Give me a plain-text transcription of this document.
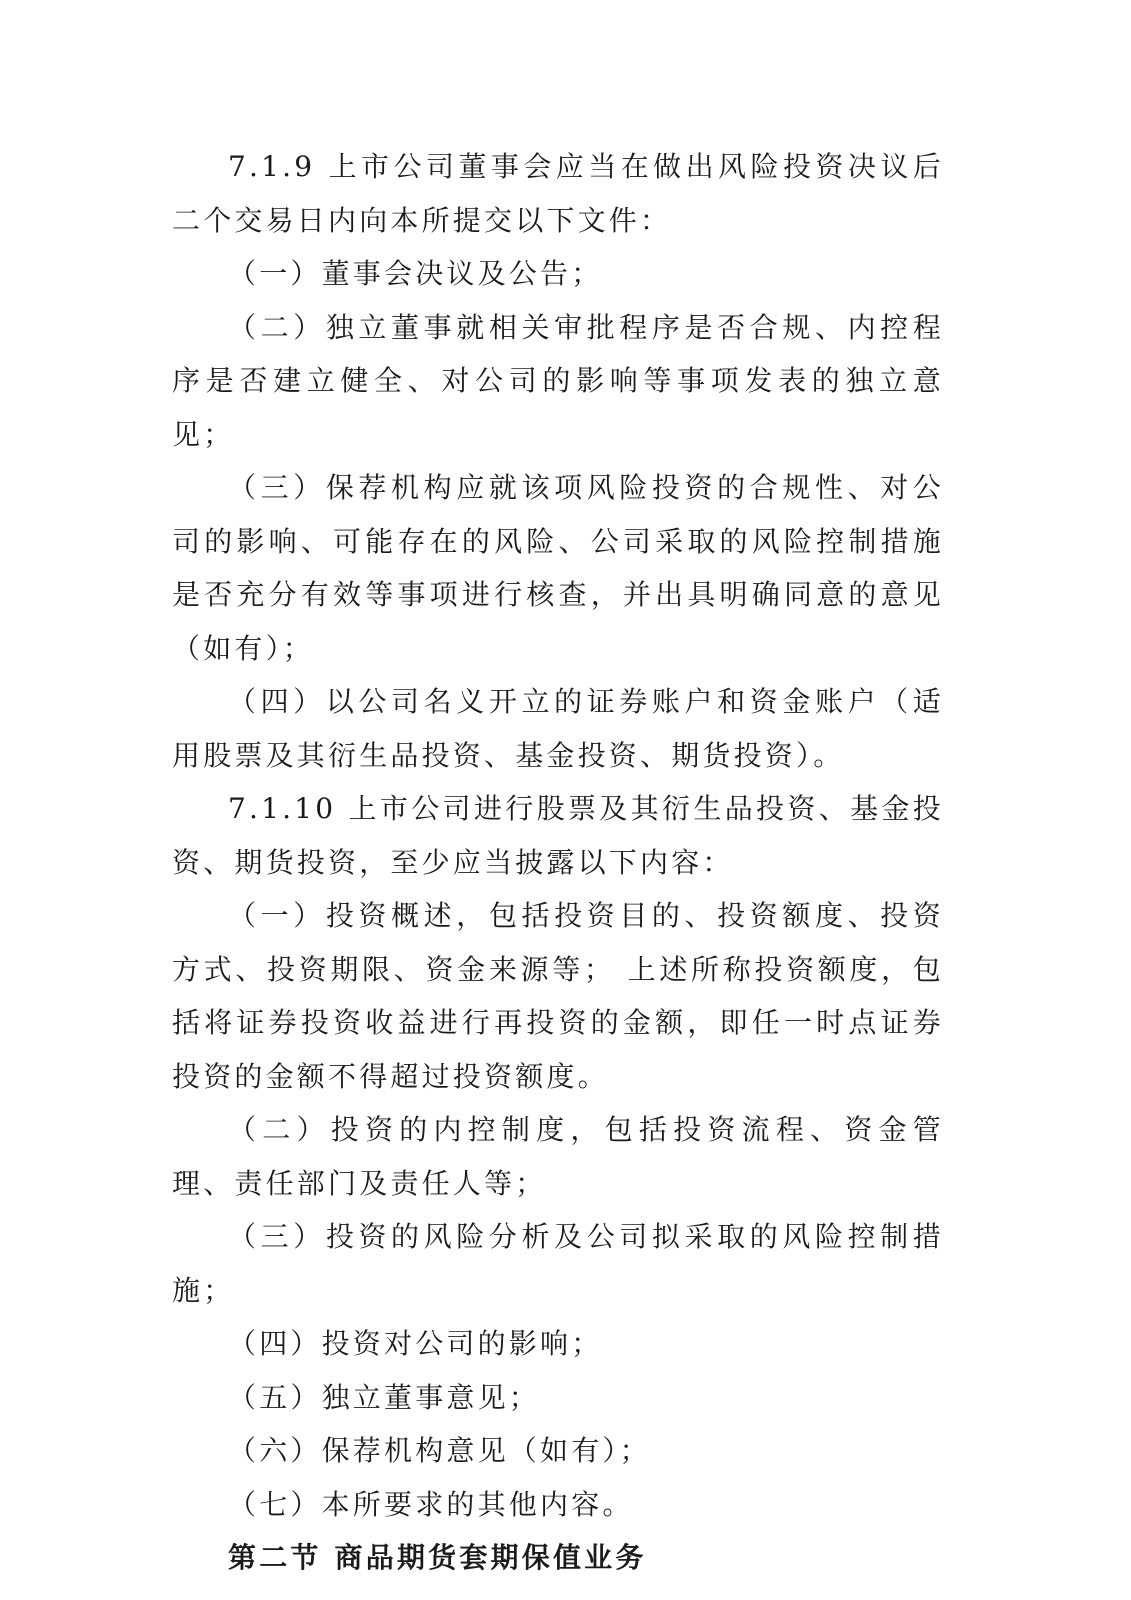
7.1.9 上市公司董事会应当在做出风险投资决议后二个交易日内向本所提交以下文件：

（一）董事会决议及公告；

（二）独立董事就相关审批程序是否合规、内控程序是否建立健全、对公司的影响等事项发表的独立意见；

（三）保荐机构应就该项风险投资的合规性、对公司的影响、可能存在的风险、公司采取的风险控制措施是否充分有效等事项进行核查，并出具明确同意的意见（如有）；

（四）以公司名义开立的证券账户和资金账户（适用股票及其衍生品投资、基金投资、期货投资）。

7.1.10 上市公司进行股票及其衍生品投资、基金投资、期货投资，至少应当披露以下内容：

（一）投资概述，包括投资目的、投资额度、投资方式、投资期限、资金来源等； 上述所称投资额度，包括将证券投资收益进行再投资的金额，即任一时点证券投资的金额不得超过投资额度。

（二）投资的内控制度，包括投资流程、资金管理、责任部门及责任人等；

（三）投资的风险分析及公司拟采取的风险控制措施；

（四）投资对公司的影响；

（五）独立董事意见；

（六）保荐机构意见（如有）；

（七）本所要求的其他内容。

第二节 商品期货套期保值业务
